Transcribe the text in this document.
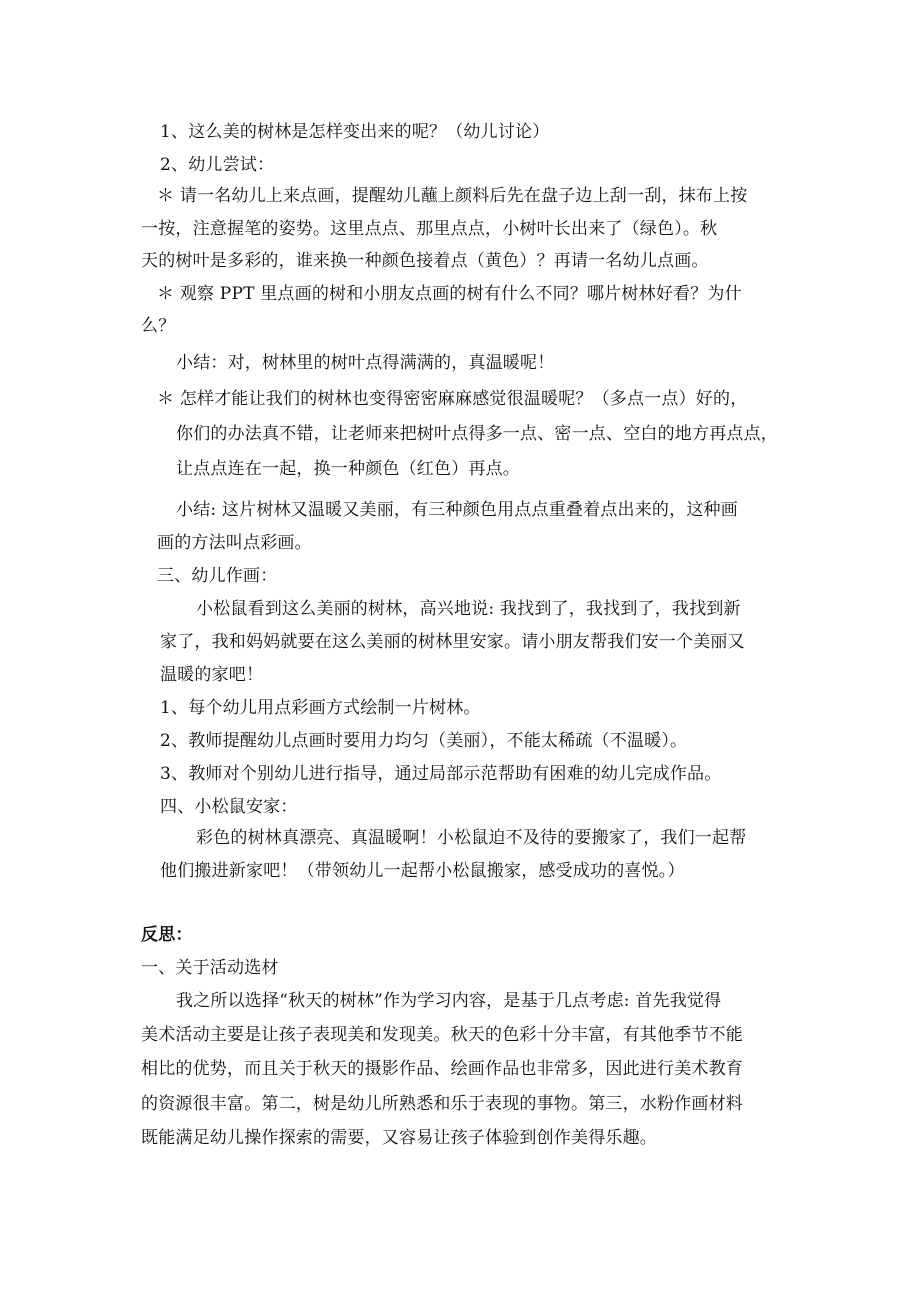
1、这么美的树林是怎样变出来的呢？（幼儿讨论）
2、幼儿尝试：
＊ 请一名幼儿上来点画，提醒幼儿蘸上颜料后先在盘子边上刮一刮，抹布上按
一按，注意握笔的姿势。这里点点、那里点点，小树叶长出来了（绿色）。秋
天的树叶是多彩的，谁来换一种颜色接着点（黄色）？再请一名幼儿点画。
＊ 观察 PPT 里点画的树和小朋友点画的树有什么不同？哪片树林好看？为什
么？
小结：对，树林里的树叶点得满满的，真温暖呢！
＊ 怎样才能让我们的树林也变得密密麻麻感觉很温暖呢？（多点一点）好的，
你们的办法真不错，让老师来把树叶点得多一点、密一点、空白的地方再点点，
让点点连在一起，换一种颜色（红色）再点。
小结: 这片树林又温暖又美丽，有三种颜色用点点重叠着点出来的，这种画
画的方法叫点彩画。
三、幼儿作画：
小松鼠看到这么美丽的树林，高兴地说: 我找到了，我找到了，我找到新
家了，我和妈妈就要在这么美丽的树林里安家。请小朋友帮我们安一个美丽又
温暖的家吧！
1、每个幼儿用点彩画方式绘制一片树林。
2、教师提醒幼儿点画时要用力均匀（美丽），不能太稀疏（不温暖）。
3、教师对个别幼儿进行指导，通过局部示范帮助有困难的幼儿完成作品。
四、小松鼠安家：
彩色的树林真漂亮、真温暖啊！小松鼠迫不及待的要搬家了，我们一起帮
他们搬进新家吧！（带领幼儿一起帮小松鼠搬家，感受成功的喜悦。）
反思：
一、关于活动选材
我之所以选择“秋天的树林”作为学习内容，是基于几点考虑: 首先我觉得
美术活动主要是让孩子表现美和发现美。秋天的色彩十分丰富，有其他季节不能
相比的优势，而且关于秋天的摄影作品、绘画作品也非常多，因此进行美术教育
的资源很丰富。第二，树是幼儿所熟悉和乐于表现的事物。第三，水粉作画材料
既能满足幼儿操作探索的需要，又容易让孩子体验到创作美得乐趣。
